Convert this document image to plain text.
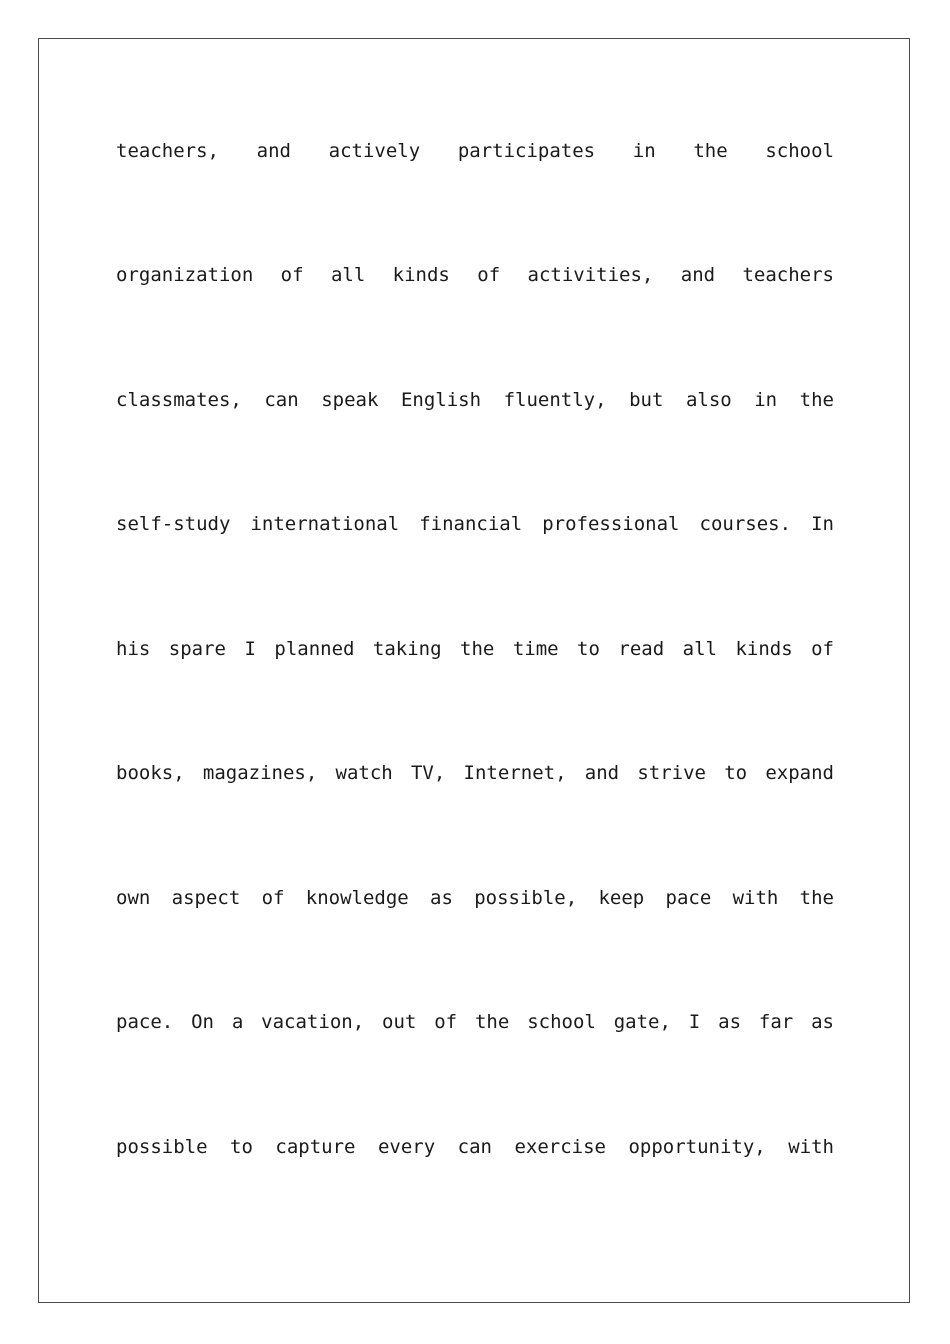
teachers, and actively participates in the school
organization of all kinds of activities, and teachers
classmates, can speak English fluently, but also in the
self-study international financial professional courses. In
his spare I planned taking the time to read all kinds of
books, magazines, watch TV, Internet, and strive to expand
own aspect of knowledge as possible, keep pace with the
pace. On a vacation, out of the school gate, I as far as
possible to capture every can exercise opportunity, with
